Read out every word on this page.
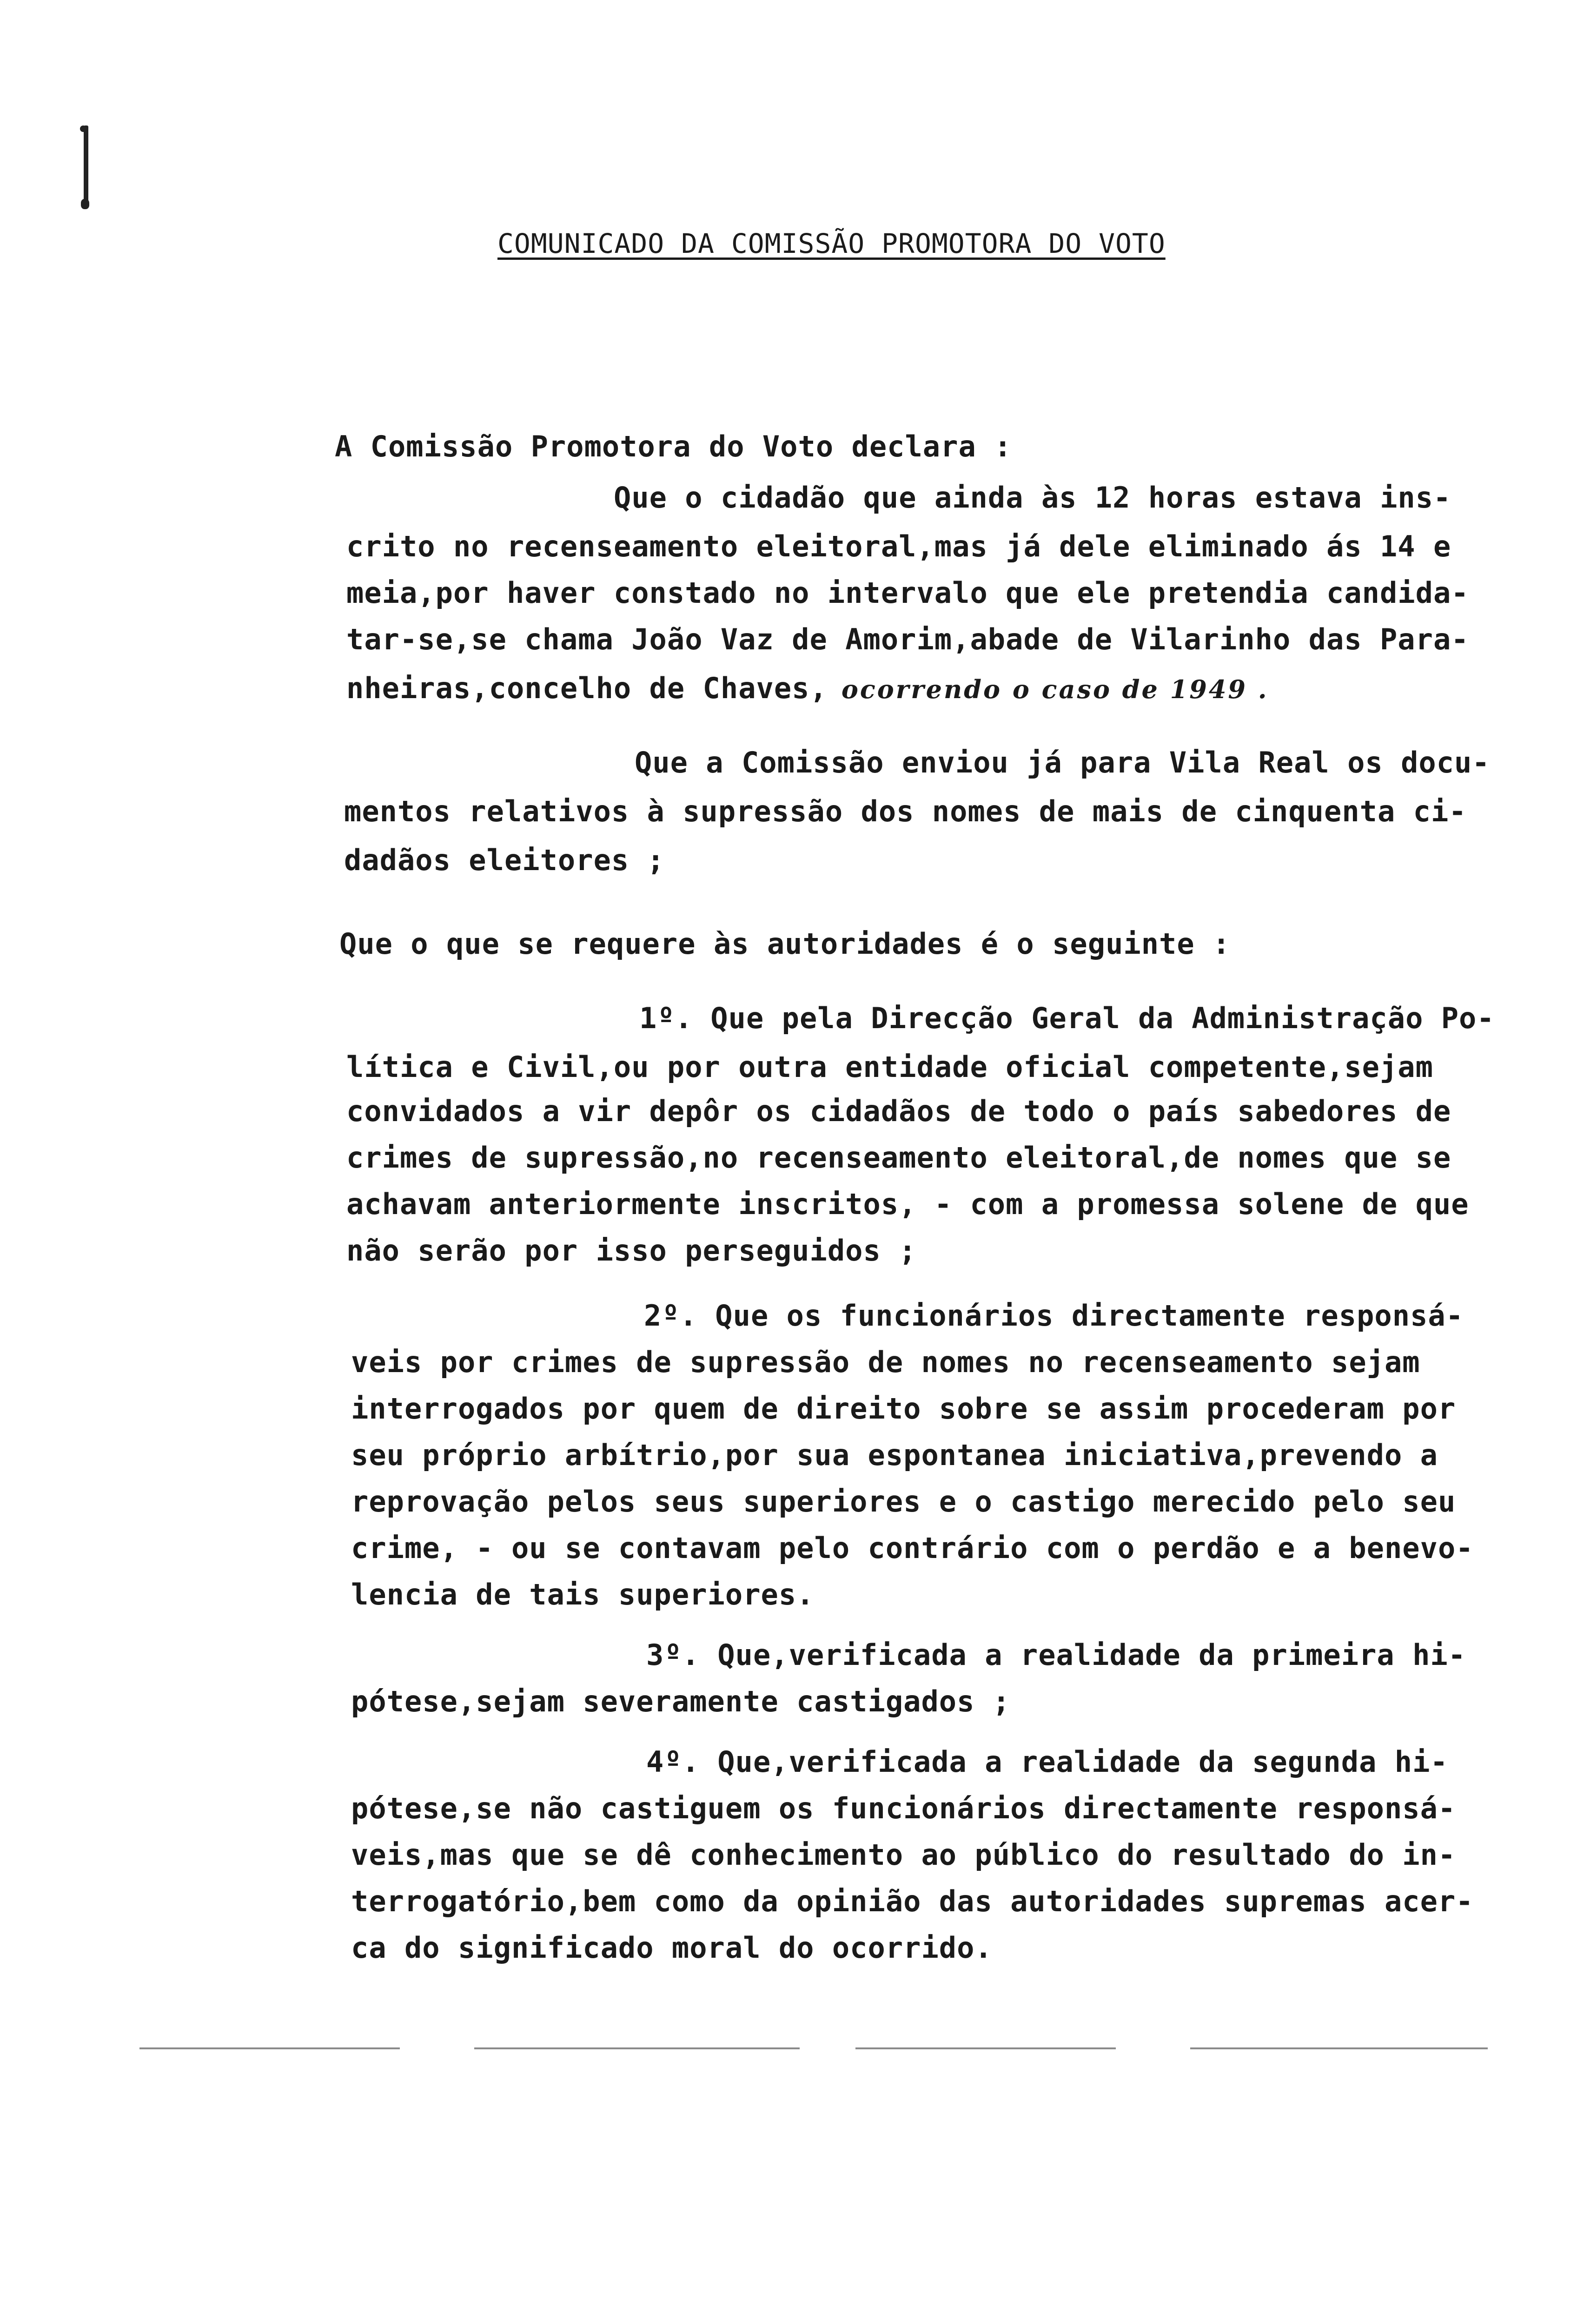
COMUNICADO DA COMISSÃO PROMOTORA DO VOTO
A Comissão Promotora do Voto declara :
Que o cidadão que ainda às 12 horas estava ins-
crito no recenseamento eleitoral,mas já dele eliminado ás 14 e
meia,por haver constado no intervalo que ele pretendia candida-
tar-se,se chama João Vaz de Amorim,abade de Vilarinho das Para-
nheiras,concelho de Chaves, ocorrendo o caso de 1949 .
Que a Comissão enviou já para Vila Real os docu-
mentos relativos à supressão dos nomes de mais de cinquenta ci-
dadãos eleitores ;
Que o que se requere às autoridades é o seguinte :
1º. Que pela Direcção Geral da Administração Po-
lítica e Civil,ou por outra entidade oficial competente,sejam
convidados a vir depôr os cidadãos de todo o país sabedores de
crimes de supressão,no recenseamento eleitoral,de nomes que se
achavam anteriormente inscritos, - com a promessa solene de que
não serão por isso perseguidos ;
2º. Que os funcionários directamente responsá-
veis por crimes de supressão de nomes no recenseamento sejam
interrogados por quem de direito sobre se assim procederam por
seu próprio arbítrio,por sua espontanea iniciativa,prevendo a
reprovação pelos seus superiores e o castigo merecido pelo seu
crime, - ou se contavam pelo contrário com o perdão e a benevo-
lencia de tais superiores.
3º. Que,verificada a realidade da primeira hi-
pótese,sejam severamente castigados ;
4º. Que,verificada a realidade da segunda hi-
pótese,se não castiguem os funcionários directamente responsá-
veis,mas que se dê conhecimento ao público do resultado do in-
terrogatório,bem como da opinião das autoridades supremas acer-
ca do significado moral do ocorrido.
